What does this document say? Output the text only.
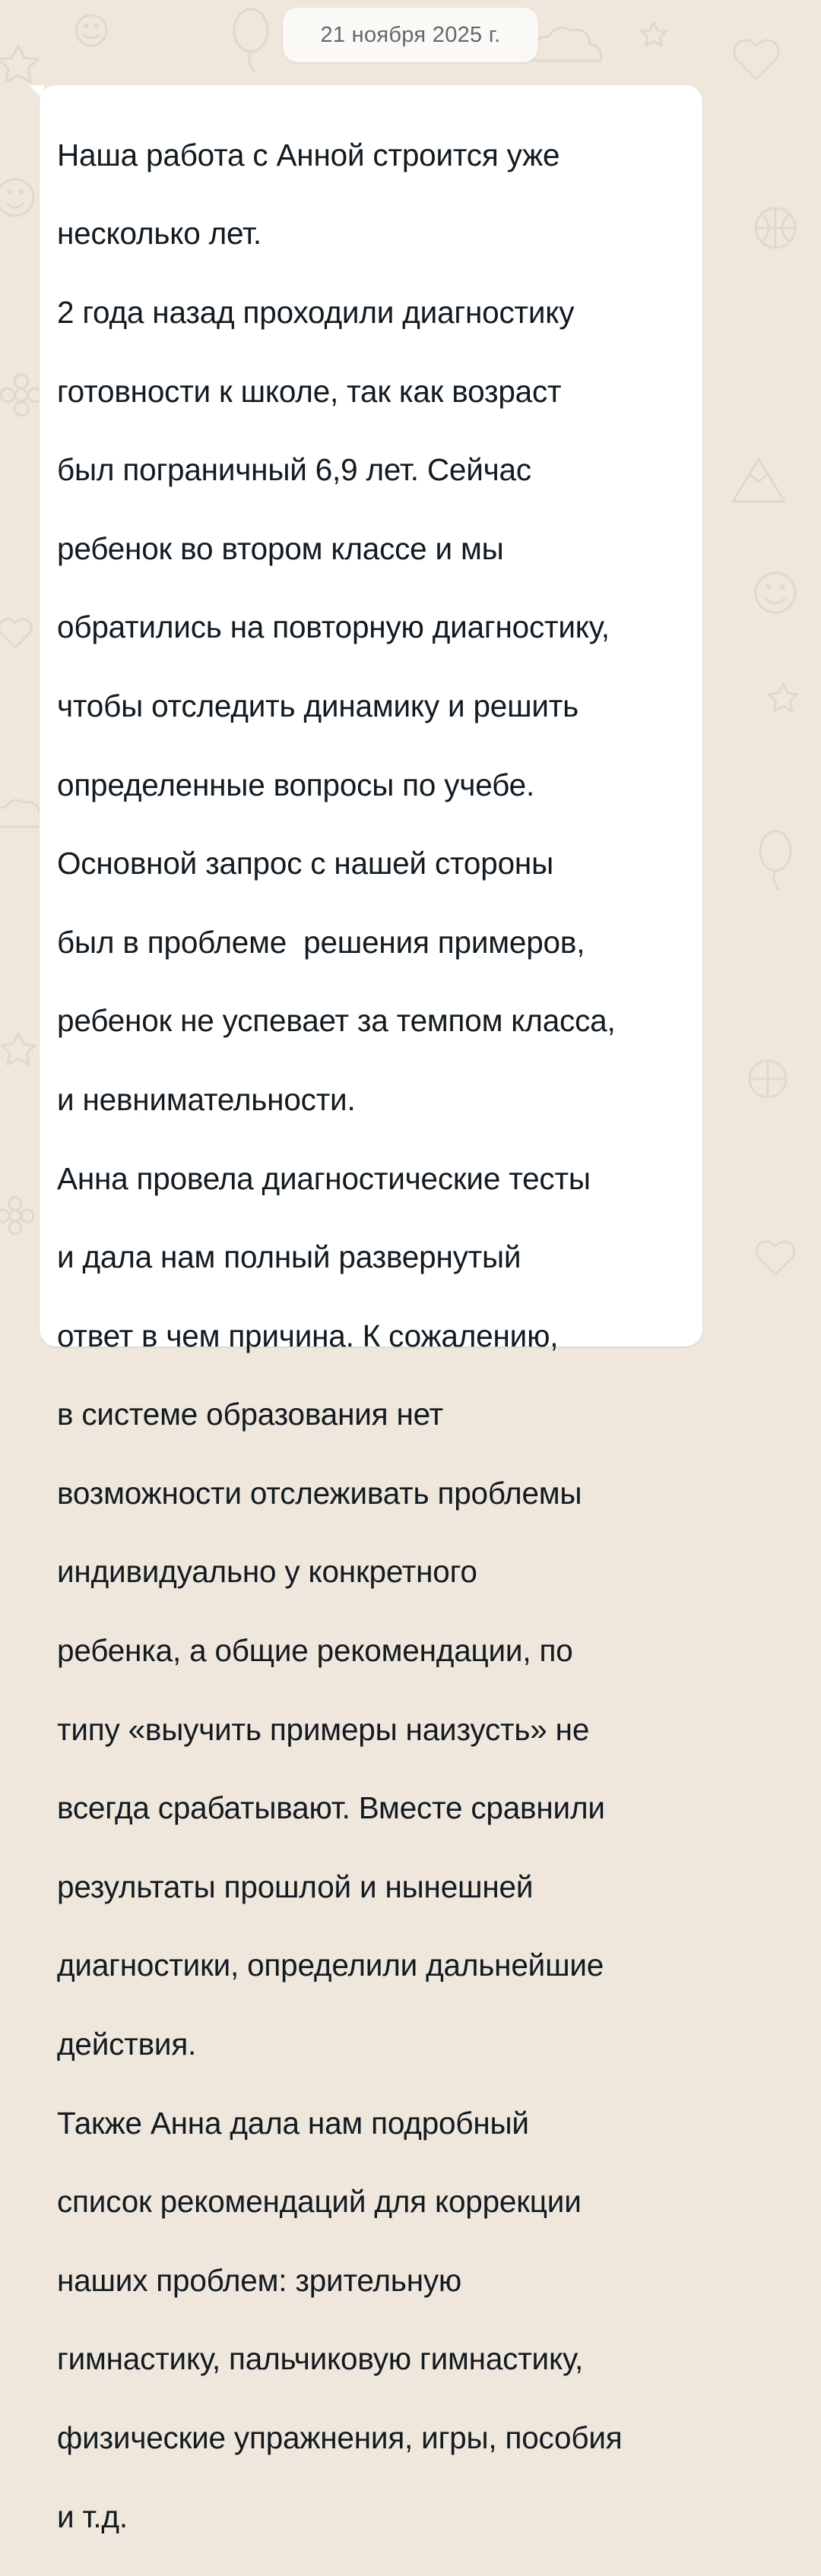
21 ноября 2025 г.

Наша работа с Анной строится уже

несколько лет.

2 года назад проходили диагностику

готовности к школе, так как возраст

был пограничный 6,9 лет. Сейчас

ребенок во втором классе и мы

обратились на повторную диагностику,

чтобы отследить динамику и решить

определенные вопросы по учебе.

Основной запрос с нашей стороны

был в проблеме  решения примеров,

ребенок не успевает за темпом класса,

и невнимательности.

Анна провела диагностические тесты

и дала нам полный развернутый

ответ в чем причина. К сожалению,

в системе образования нет

возможности отслеживать проблемы

индивидуально у конкретного

ребенка, а общие рекомендации, по

типу «выучить примеры наизусть» не

всегда срабатывают. Вместе сравнили

результаты прошлой и нынешней

диагностики, определили дальнейшие

действия.

Также Анна дала нам подробный

список рекомендаций для коррекции

наших проблем: зрительную

гимнастику, пальчиковую гимнастику,

физические упражнения, игры, пособия

и т.д.
